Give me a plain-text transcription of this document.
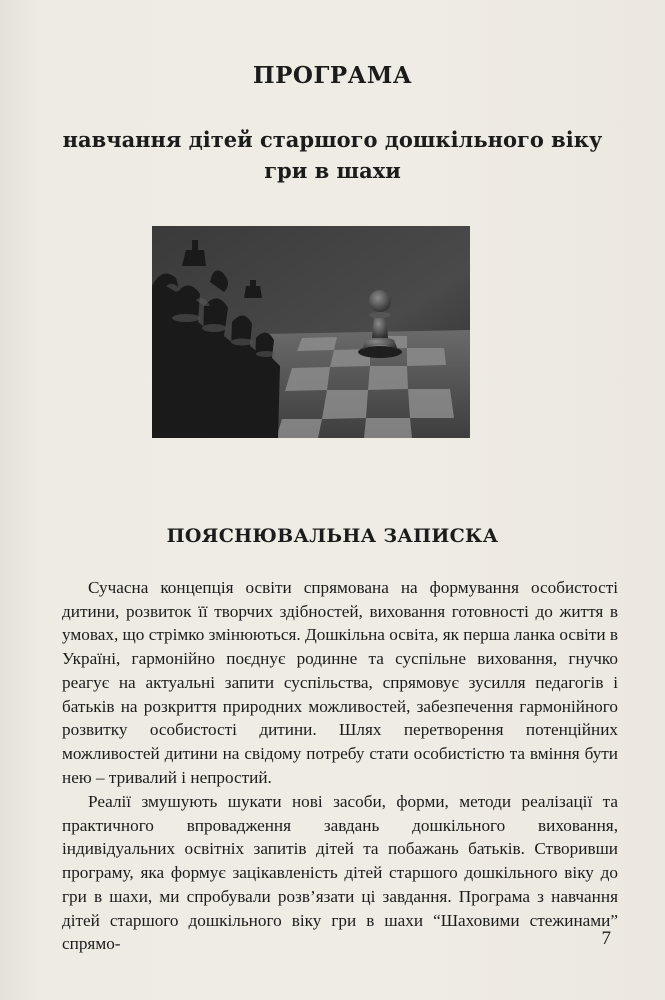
ПРОГРАМА
навчання дітей старшого дошкільного віку
гри в шахи
ПОЯСНЮВАЛЬНА ЗАПИСКА

Сучасна концепція освіти спрямована на формування особистості дитини, розвиток її творчих здібностей, виховання готовності до життя в умовах, що стрімко змінюються. Дошкільна освіта, як перша ланка освіти в Україні, гармонійно поєднує родинне та суспільне виховання, гнучко реагує на актуальні запити суспільства, спрямовує зусилля педагогів і батьків на розкриття природних можливостей, забезпечення гармонійного розвитку особистості дитини. Шлях перетворення потенційних можливостей дитини на свідому потребу стати особистістю та вміння бути нею – тривалий і непростий.

Реалії змушують шукати нові засоби, форми, методи реалізації та практичного впровадження завдань дошкільного виховання, індивідуальних освітніх запитів дітей та побажань батьків. Створивши програму, яка формує зацікавленість дітей старшого дошкільного віку до гри в шахи, ми спробували розв’язати ці завдання. Програма з навчання дітей старшого дошкільного віку гри в шахи “Шаховими стежинами” спрямо-	7
